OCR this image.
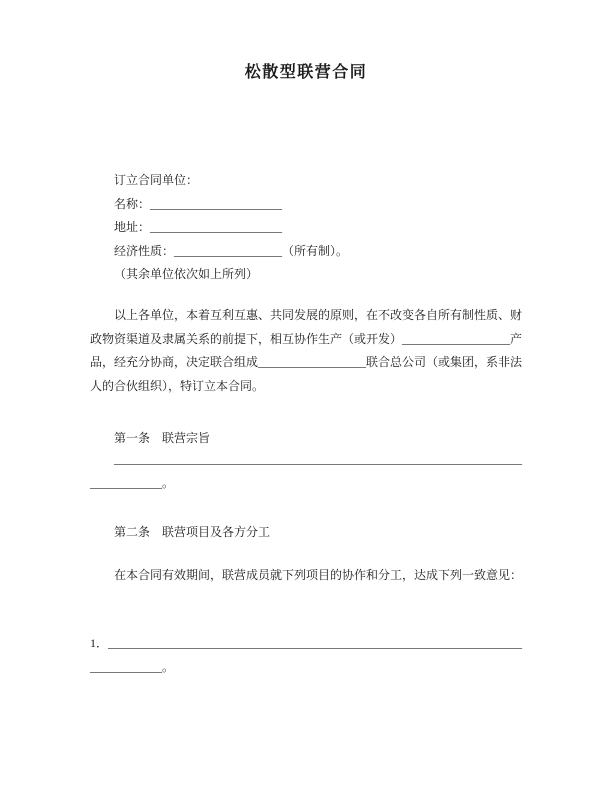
松散型联营合同
订立合同单位：
名称：______________________
地址：______________________
经济性质：__________________（所有制）。
（其余单位依次如上所列）

以上各单位，本着互利互惠、共同发展的原则，在不改变各自所有制性质、财政物资渠道及隶属关系的前提下，相互协作生产（或开发）__________________产品，经充分协商，决定联合组成__________________联合总公司（或集团，系非法人的合伙组织），特订立本合同。

第一条　联营宗旨

________________________________________________________________________________。

第二条　联营项目及各方分工

在本合同有效期间，联营成员就下列项目的协作和分工，达成下列一致意见：

1．_________________________________________________________________________________。
